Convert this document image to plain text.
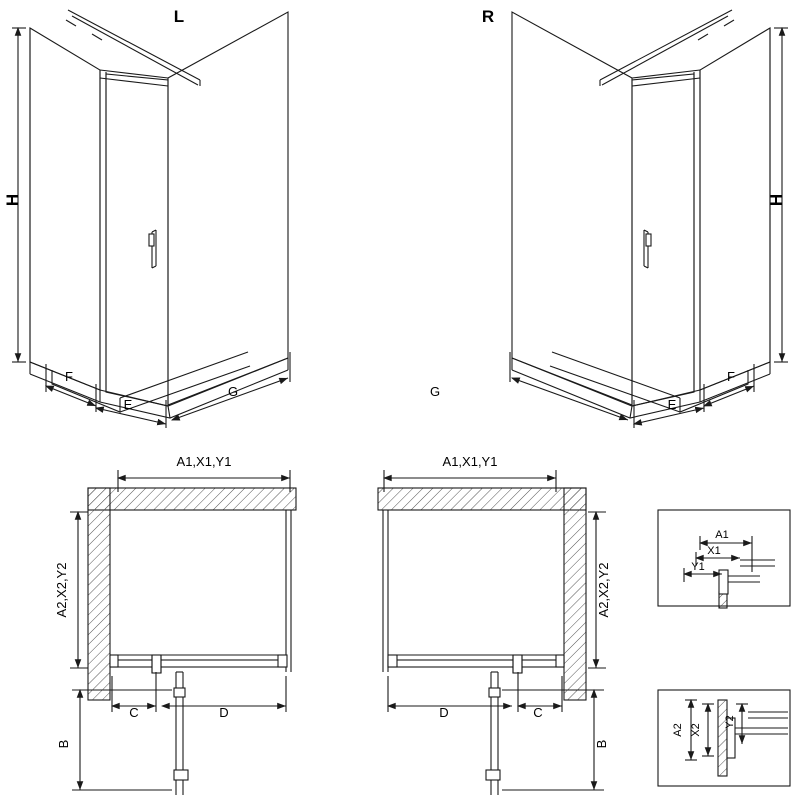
L	R
H	H
F
E
G	G
E
F
A1,X1,Y1
A2,X2,Y2
C	D
B
A1,X1,Y1
A2,X2,Y2
D	C
B
A1
X1
Y1
A2 X2
Y2
